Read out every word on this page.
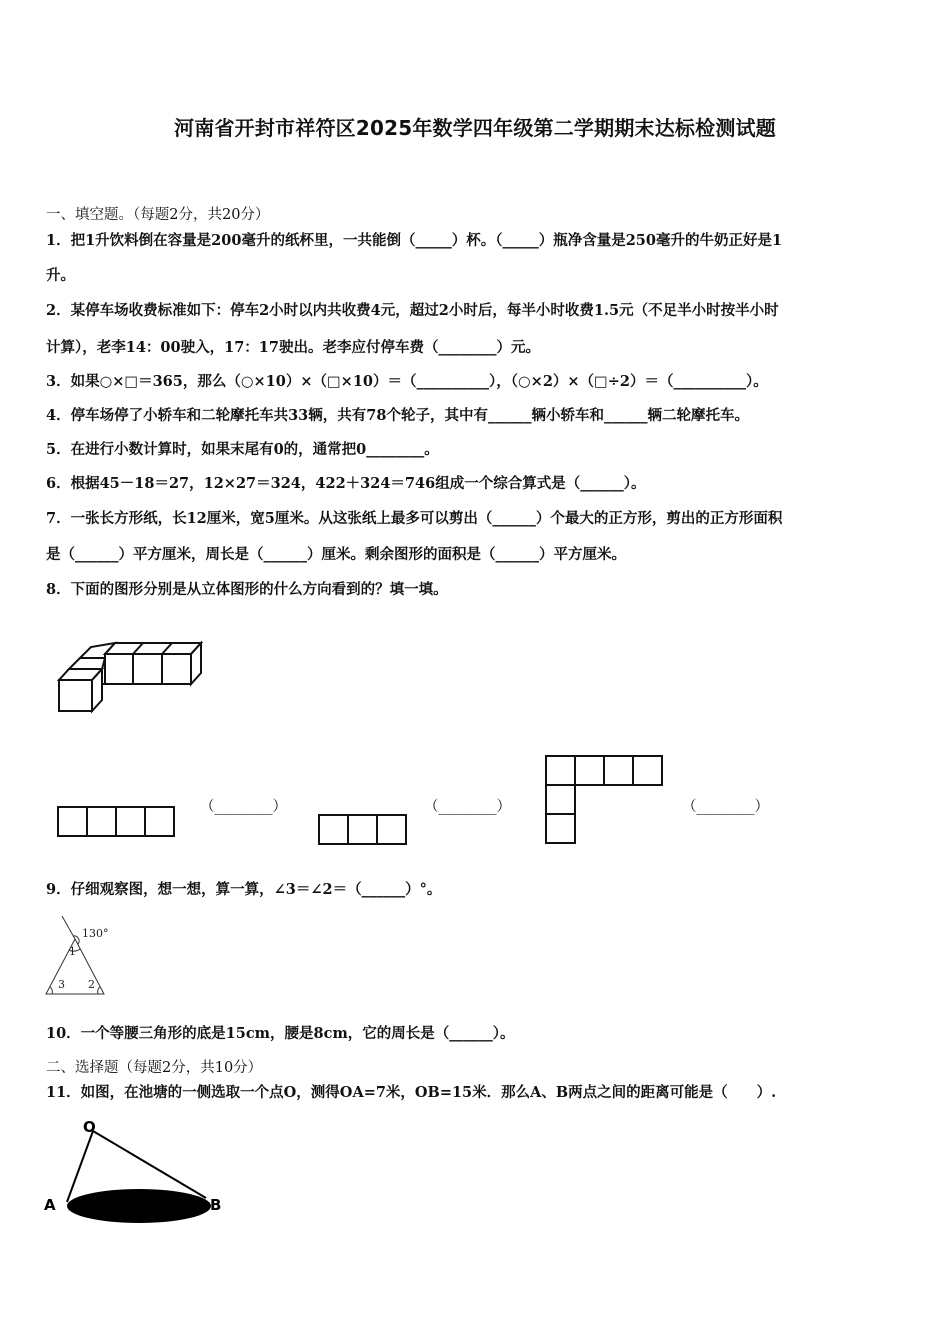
河南省开封市祥符区2025年数学四年级第二学期期末达标检测试题
一、填空题。（每题2分，共20分）
1．把1升饮料倒在容量是200毫升的纸杯里，一共能倒（_____）杯。（_____）瓶净含量是250毫升的牛奶正好是1
升。
2．某停车场收费标准如下：停车2小时以内共收费4元，超过2小时后，每半小时收费1.5元（不足半小时按半小时
计算），老李14：00驶入，17：17驶出。老李应付停车费（________）元。
3．如果○×□＝365，那么（○×10）×（□×10）＝（__________），（○×2）×（□÷2）＝（__________）。
4．停车场停了小轿车和二轮摩托车共33辆，共有78个轮子，其中有______辆小轿车和______辆二轮摩托车。
5．在进行小数计算时，如果末尾有0的，通常把0________。
6．根据45－18＝27，12×27＝324，422＋324＝746组成一个综合算式是（______）。
7．一张长方形纸，长12厘米，宽5厘米。从这张纸上最多可以剪出（______）个最大的正方形，剪出的正方形面积
是（______）平方厘米，周长是（______）厘米。剩余图形的面积是（______）平方厘米。
8．下面的图形分别是从立体图形的什么方向看到的？填一填。
（________）	（________）	（________）
9．仔细观察图，想一想，算一算，∠3＝∠2＝（______）°。
130°
1
3 2
10．一个等腰三角形的底是15cm，腰是8cm，它的周长是（______）。
二、选择题（每题2分，共10分）
11．如图，在池塘的一侧选取一个点O，测得OA=7米，OB=15米．那么A、B两点之间的距离可能是（　　）.
O
A	B
